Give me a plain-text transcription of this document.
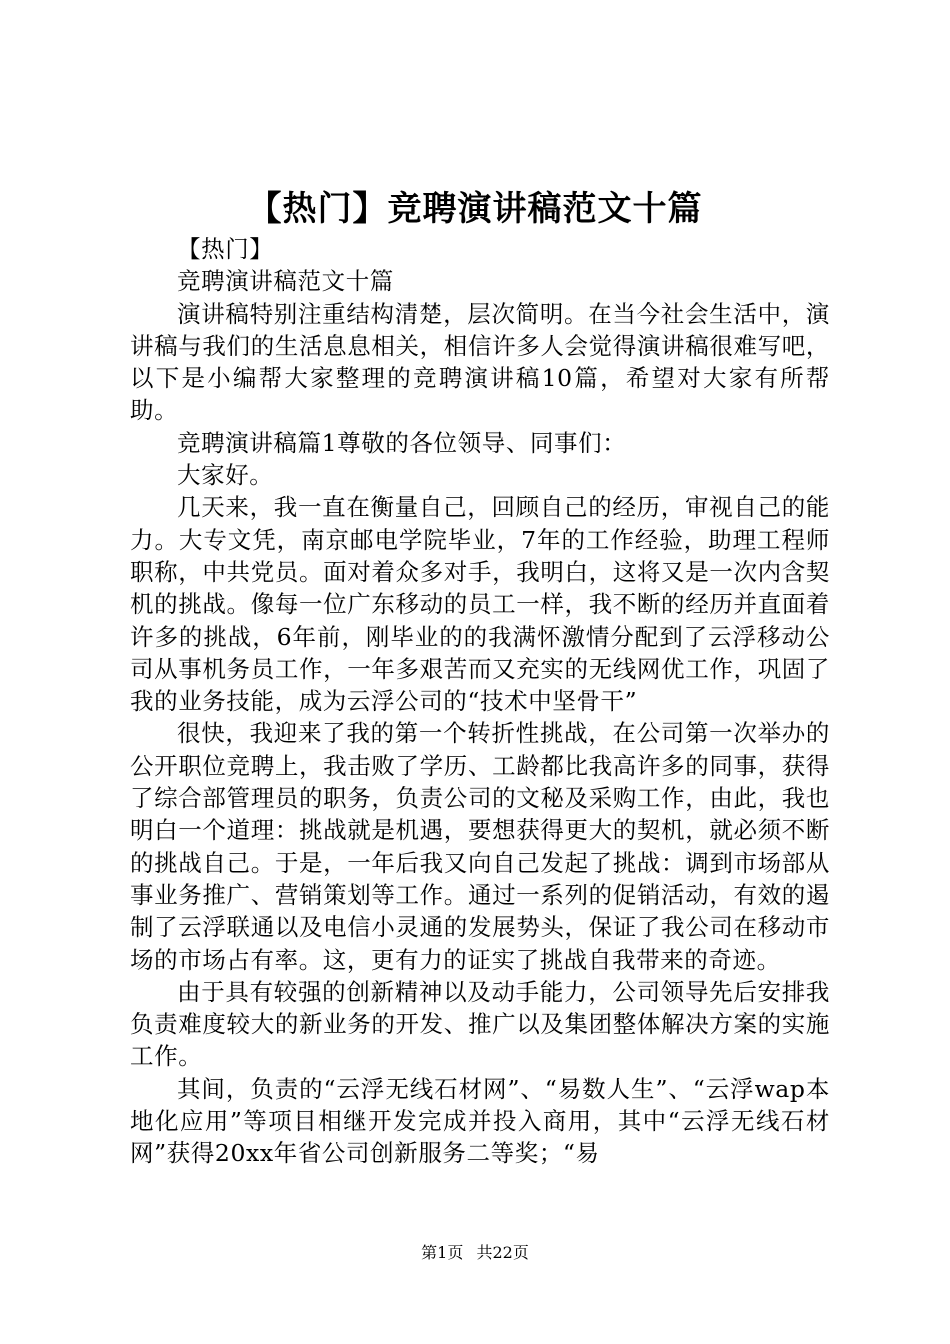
【热门】竞聘演讲稿范文十篇

【热门】

竞聘演讲稿范文十篇

演讲稿特别注重结构清楚，层次简明。在当今社会生活中，演讲稿与我们的生活息息相关，相信许多人会觉得演讲稿很难写吧，以下是小编帮大家整理的竞聘演讲稿10篇，希望对大家有所帮助。

竞聘演讲稿篇1尊敬的各位领导、同事们：

大家好。

几天来，我一直在衡量自己，回顾自己的经历，审视自己的能力。大专文凭，南京邮电学院毕业，7年的工作经验，助理工程师职称，中共党员。面对着众多对手，我明白，这将又是一次内含契机的挑战。像每一位广东移动的员工一样，我不断的经历并直面着许多的挑战，6年前，刚毕业的的我满怀激情分配到了云浮移动公司从事机务员工作，一年多艰苦而又充实的无线网优工作，巩固了我的业务技能，成为云浮公司的“技术中坚骨干”

很快，我迎来了我的第一个转折性挑战，在公司第一次举办的公开职位竞聘上，我击败了学历、工龄都比我高许多的同事，获得了综合部管理员的职务，负责公司的文秘及采购工作，由此，我也明白一个道理：挑战就是机遇，要想获得更大的契机，就必须不断的挑战自己。于是，一年后我又向自己发起了挑战：调到市场部从事业务推广、营销策划等工作。通过一系列的促销活动，有效的遏制了云浮联通以及电信小灵通的发展势头，保证了我公司在移动市场的市场占有率。这，更有力的证实了挑战自我带来的奇迹。

由于具有较强的创新精神以及动手能力，公司领导先后安排我负责难度较大的新业务的开发、推广以及集团整体解决方案的实施工作。

其间，负责的“云浮无线石材网”、“易数人生”、“云浮wap本地化应用”等项目相继开发完成并投入商用，其中“云浮无线石材网”获得20xx年省公司创新服务二等奖；“易

第1页 共22页
